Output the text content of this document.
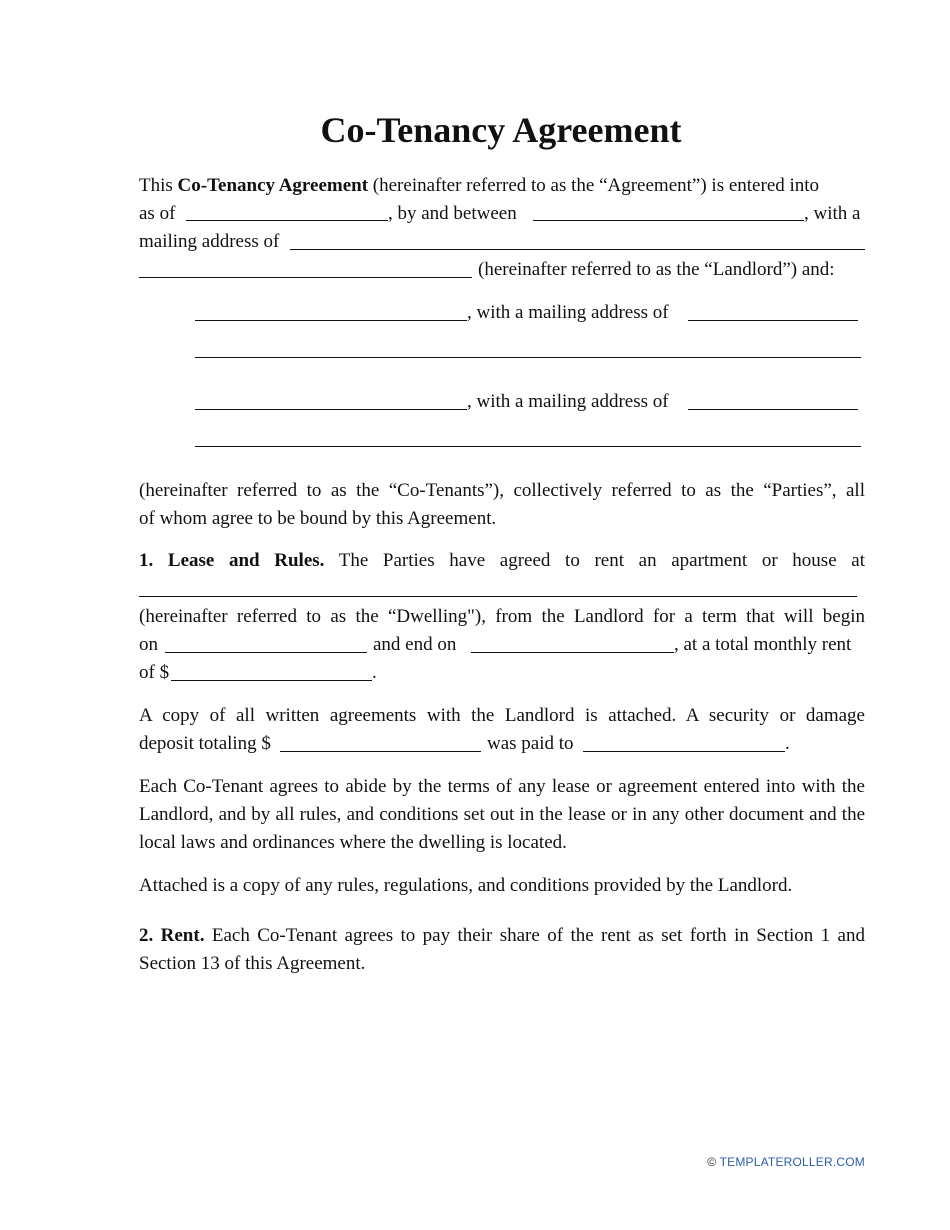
Co-Tenancy Agreement
This Co-Tenancy Agreement (hereinafter referred to as the “Agreement”) is entered into
as of	, by and between	, with a
mailing address of
(hereinafter referred to as the “Landlord”) and:
, with a mailing address of
, with a mailing address of

(hereinafter referred to as the “Co-Tenants”), collectively referred to as the “Parties”, all

of whom agree to be bound by this Agreement.

1. Lease and Rules. The Parties have agreed to rent an apartment or house at
(hereinafter referred to as the “Dwelling"), from the Landlord for a term that will begin
on	and end on	, at a total monthly rent
of $	.
A copy of all written agreements with the Landlord is attached. A security or damage
deposit totaling $	was paid to	.

Each Co-Tenant agrees to abide by the terms of any lease or agreement entered into with the Landlord, and by all rules, and conditions set out in the lease or in any other document and the local laws and ordinances where the dwelling is located.

Attached is a copy of any rules, regulations, and conditions provided by the Landlord.

2. Rent. Each Co-Tenant agrees to pay their share of the rent as set forth in Section 1 and Section 13 of this Agreement.

© TEMPLATEROLLER.COM
